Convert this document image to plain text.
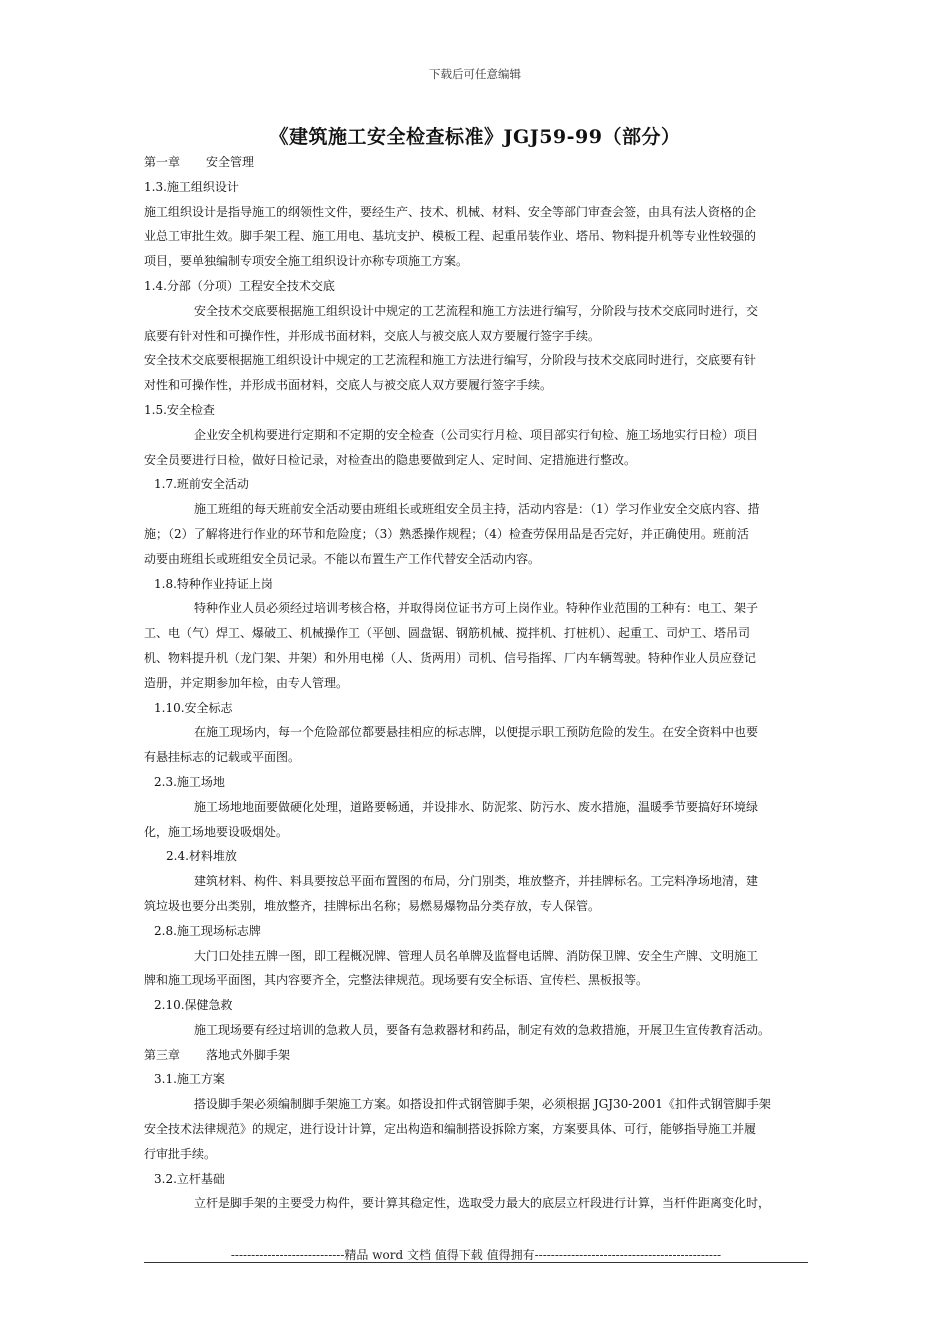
下载后可任意编辑
《建筑施工安全检查标准》JGJ59-99（部分）
第一章 安全管理
1.3.施工组织设计
施工组织设计是指导施工的纲领性文件，要经生产、技术、机械、材料、安全等部门审查会签，由具有法人资格的企
业总工审批生效。脚手架工程、施工用电、基坑支护、模板工程、起重吊装作业、塔吊、物料提升机等专业性较强的
项目，要单独编制专项安全施工组织设计亦称专项施工方案。
1.4.分部（分项）工程安全技术交底
安全技术交底要根据施工组织设计中规定的工艺流程和施工方法进行编写，分阶段与技术交底同时进行，交
底要有针对性和可操作性，并形成书面材料，交底人与被交底人双方要履行签字手续。
安全技术交底要根据施工组织设计中规定的工艺流程和施工方法进行编写，分阶段与技术交底同时进行，交底要有针
对性和可操作性，并形成书面材料，交底人与被交底人双方要履行签字手续。
1.5.安全检查
企业安全机构要进行定期和不定期的安全检查（公司实行月检、项目部实行旬检、施工场地实行日检）项目
安全员要进行日检，做好日检记录，对检查出的隐患要做到定人、定时间、定措施进行整改。
1.7.班前安全活动
施工班组的每天班前安全活动要由班组长或班组安全员主持，活动内容是：（1）学习作业安全交底内容、措
施；（2）了解将进行作业的环节和危险度；（3）熟悉操作规程；（4）检查劳保用品是否完好，并正确使用。班前活
动要由班组长或班组安全员记录。不能以布置生产工作代替安全活动内容。
1.8.特种作业持证上岗
特种作业人员必须经过培训考核合格，并取得岗位证书方可上岗作业。特种作业范围的工种有：电工、架子
工、电（气）焊工、爆破工、机械操作工（平刨、圆盘锯、钢筋机械、搅拌机、打桩机）、起重工、司炉工、塔吊司
机、物料提升机（龙门架、井架）和外用电梯（人、货两用）司机、信号指挥、厂内车辆驾驶。特种作业人员应登记
造册，并定期参加年检，由专人管理。
1.10.安全标志
在施工现场内，每一个危险部位都要悬挂相应的标志牌，以便提示职工预防危险的发生。在安全资料中也要
有悬挂标志的记载或平面图。
2.3.施工场地
施工场地地面要做硬化处理，道路要畅通，并设排水、防泥浆、防污水、废水措施，温暖季节要搞好环境绿
化，施工场地要设吸烟处。
2.4.材料堆放
建筑材料、构件、料具要按总平面布置图的布局，分门别类，堆放整齐，并挂牌标名。工完料净场地清，建
筑垃圾也要分出类别，堆放整齐，挂牌标出名称；易燃易爆物品分类存放，专人保管。
2.8.施工现场标志牌
大门口处挂五牌一图，即工程概况牌、管理人员名单牌及监督电话牌、消防保卫牌、安全生产牌、文明施工
牌和施工现场平面图，其内容要齐全，完整法律规范。现场要有安全标语、宣传栏、黑板报等。
2.10.保健急救
施工现场要有经过培训的急救人员，要备有急救器材和药品，制定有效的急救措施，开展卫生宣传教育活动。
第三章 落地式外脚手架
3.1.施工方案
搭设脚手架必须编制脚手架施工方案。如搭设扣件式钢管脚手架，必须根据 JGJ30-2001《扣件式钢管脚手架
安全技术法律规范》的规定，进行设计计算，定出构造和编制搭设拆除方案，方案要具体、可行，能够指导施工并履
行审批手续。
3.2.立杆基础
立杆是脚手架的主要受力构件，要计算其稳定性，选取受力最大的底层立杆段进行计算，当杆件距离变化时，
----------------------------精品 word 文档 值得下载 值得拥有----------------------------------------------
